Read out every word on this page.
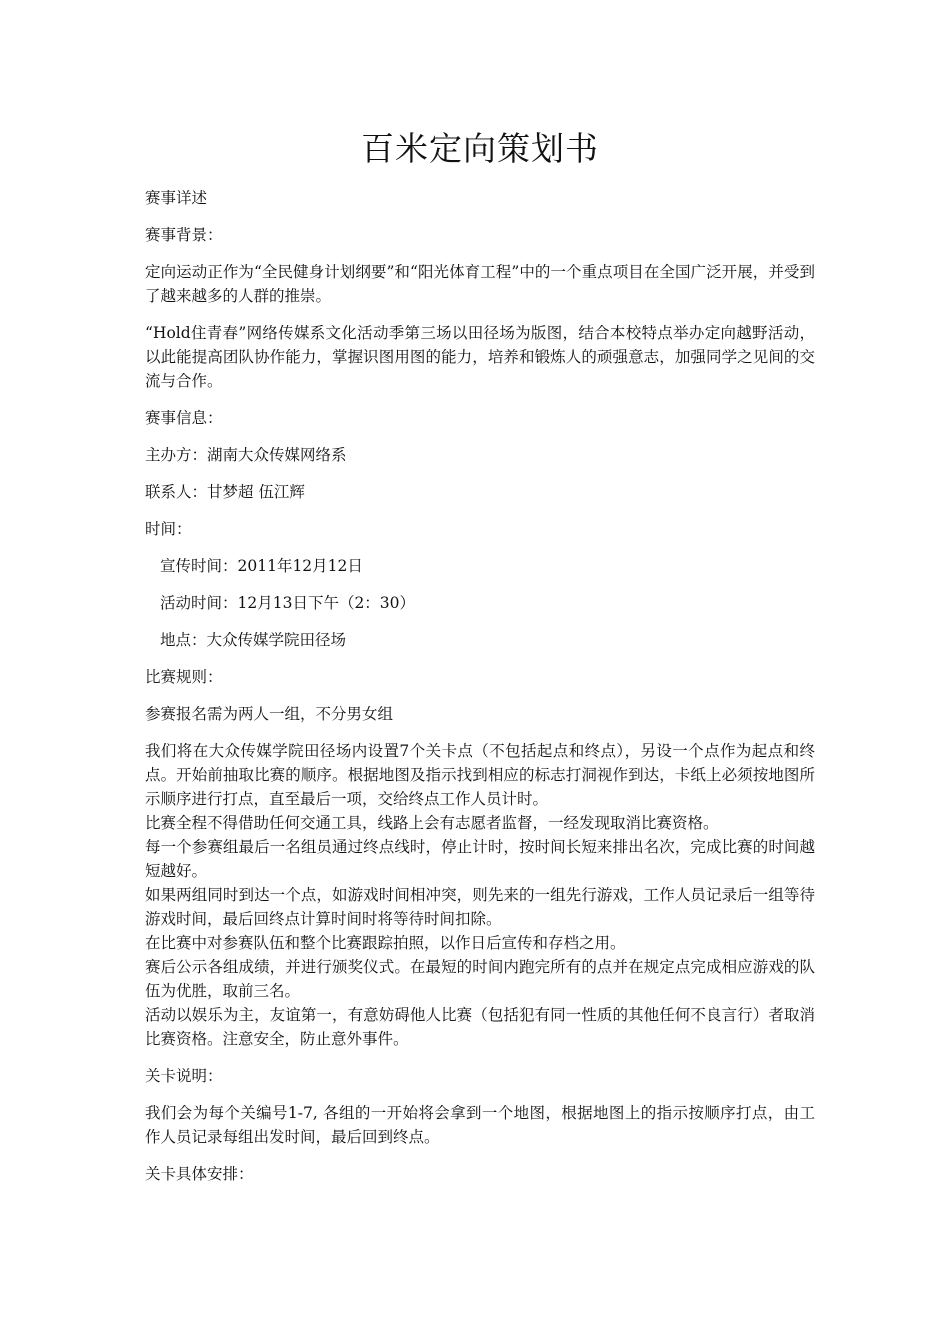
百米定向策划书

赛事详述

赛事背景：

定向运动正作为“全民健身计划纲要”和“阳光体育工程”中的一个重点项目在全国广泛开展，并受到了越来越多的人群的推崇。

“Hold住青春”网络传媒系文化活动季第三场以田径场为版图，结合本校特点举办定向越野活动，以此能提高团队协作能力，掌握识图用图的能力，培养和锻炼人的顽强意志，加强同学之见间的交流与合作。

赛事信息：

主办方：湖南大众传媒网络系

联系人：甘梦超 伍江辉

时间：

宣传时间：2011年12月12日

活动时间：12月13日下午（2：30）

地点：大众传媒学院田径场

比赛规则：

参赛报名需为两人一组，不分男女组

我们将在大众传媒学院田径场内设置7个关卡点（不包括起点和终点），另设一个点作为起点和终点。开始前抽取比赛的顺序。根据地图及指示找到相应的标志打洞视作到达，卡纸上必须按地图所示顺序进行打点，直至最后一项，交给终点工作人员计时。

比赛全程不得借助任何交通工具，线路上会有志愿者监督，一经发现取消比赛资格。

每一个参赛组最后一名组员通过终点线时，停止计时，按时间长短来排出名次，完成比赛的时间越短越好。

如果两组同时到达一个点，如游戏时间相冲突，则先来的一组先行游戏，工作人员记录后一组等待游戏时间，最后回终点计算时间时将等待时间扣除。

在比赛中对参赛队伍和整个比赛跟踪拍照，以作日后宣传和存档之用。

赛后公示各组成绩，并进行颁奖仪式。在最短的时间内跑完所有的点并在规定点完成相应游戏的队伍为优胜，取前三名。

活动以娱乐为主，友谊第一，有意妨碍他人比赛（包括犯有同一性质的其他任何不良言行）者取消比赛资格。注意安全，防止意外事件。

关卡说明：

我们会为每个关编号1-7, 各组的一开始将会拿到一个地图，根据地图上的指示按顺序打点，由工作人员记录每组出发时间，最后回到终点。

关卡具体安排：
